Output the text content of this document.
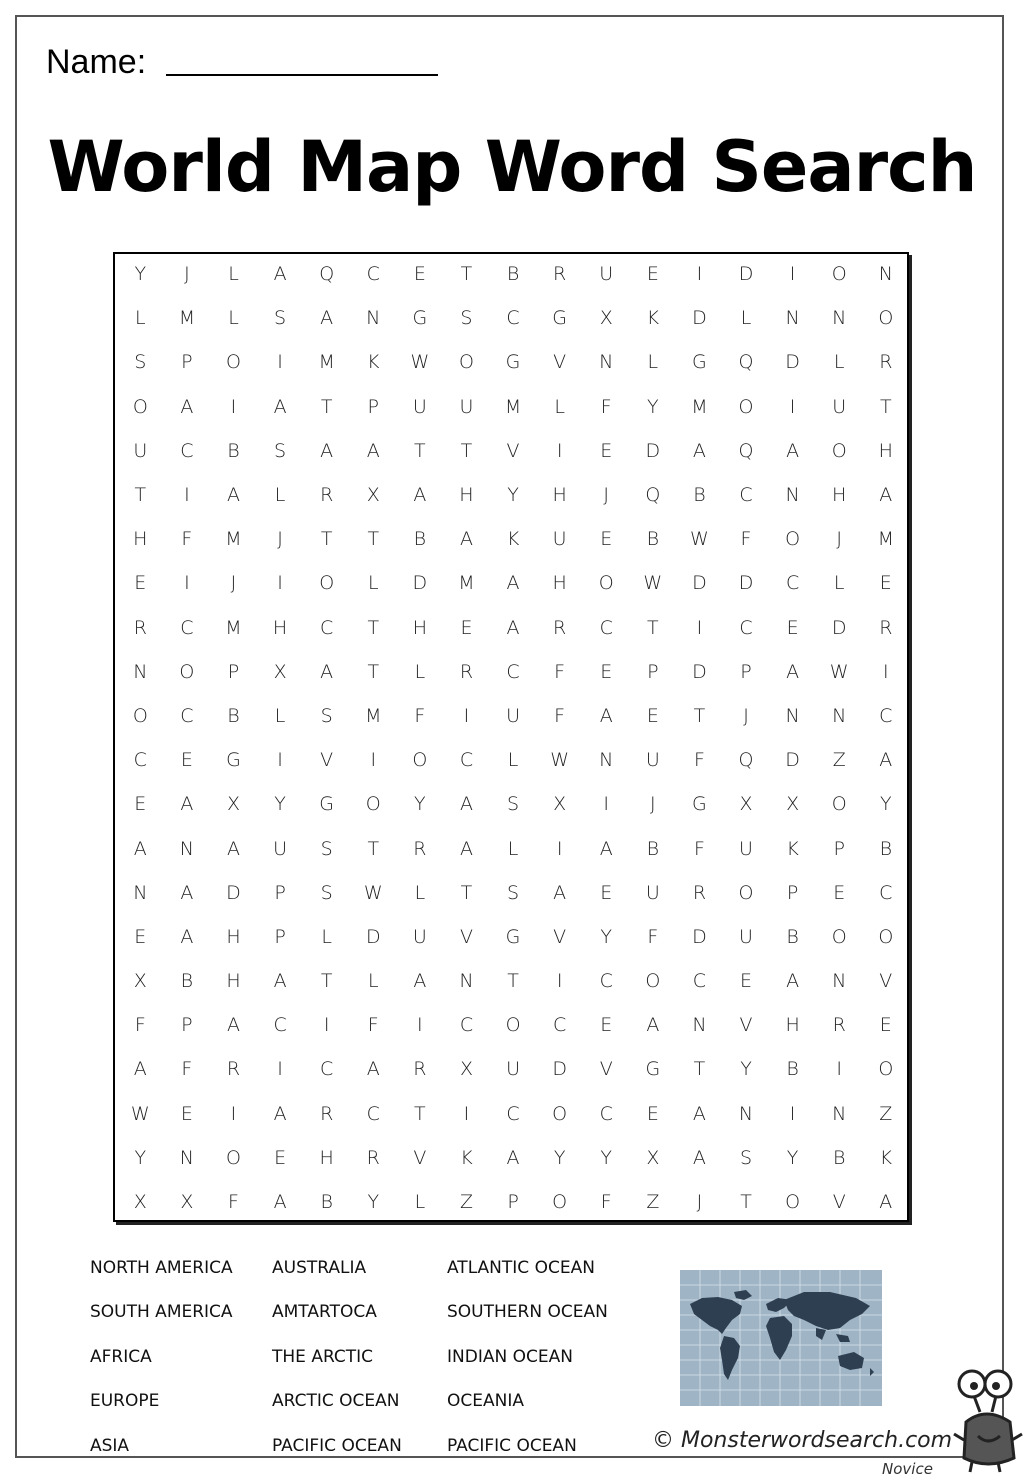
Name:
World Map Word Search
Y	J	L	A	Q	C	E	T	B	R	U	E	I	D	I	O	N
L	M	L	S	A	N	G	S	C	G	X	K	D	L	N	N	O
S	P	O	I	M	K	W	O	G	V	N	L	G	Q	D	L	R
O	A	I	A	T	P	U	U	M	L	F	Y	M	O	I	U	T
U	C	B	S	A	A	T	T	V	I	E	D	A	Q	A	O	H
T	I	A	L	R	X	A	H	Y	H	J	Q	B	C	N	H	A
H	F	M	J	T	T	B	A	K	U	E	B	W	F	O	J	M
E	I	J	I	O	L	D	M	A	H	O	W	D	D	C	L	E
R	C	M	H	C	T	H	E	A	R	C	T	I	C	E	D	R
N	O	P	X	A	T	L	R	C	F	E	P	D	P	A	W	I
O	C	B	L	S	M	F	I	U	F	A	E	T	J	N	N	C
C	E	G	I	V	I	O	C	L	W	N	U	F	Q	D	Z	A
E	A	X	Y	G	O	Y	A	S	X	I	J	G	X	X	O	Y
A	N	A	U	S	T	R	A	L	I	A	B	F	U	K	P	B
N	A	D	P	S	W	L	T	S	A	E	U	R	O	P	E	C
E	A	H	P	L	D	U	V	G	V	Y	F	D	U	B	O	O
X	B	H	A	T	L	A	N	T	I	C	O	C	E	A	N	V
F	P	A	C	I	F	I	C	O	C	E	A	N	V	H	R	E
A	F	R	I	C	A	R	X	U	D	V	G	T	Y	B	I	O
W	E	I	A	R	C	T	I	C	O	C	E	A	N	I	N	Z
Y	N	O	E	H	R	V	K	A	Y	Y	X	A	S	Y	B	K
X	X	F	A	B	Y	L	Z	P	O	F	Z	J	T	O	V	A
NORTH AMERICA
SOUTH AMERICA
AFRICA
EUROPE
ASIA
AUSTRALIA
AMTARTOCA
THE ARCTIC
ARCTIC OCEAN
PACIFIC OCEAN
ATLANTIC OCEAN
SOUTHERN OCEAN
INDIAN OCEAN
OCEANIA
PACIFIC OCEAN	© Monsterwordsearch.com
Novice
